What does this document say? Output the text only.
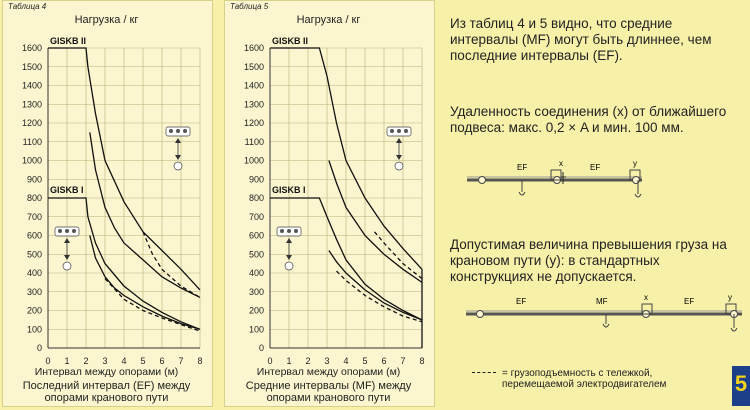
Таблица 4
Нагрузка / кг
0
100
200
300
400
500
600
700
800
900
1000
1100
1200
1300
1400
1500
1600
0 1 2 3 4 5 6 7 8
GISKB II
GISKB I
Интервал между опорами (м)
Последний интервал (EF) между
опорами кранового пути
Таблица 5
Нагрузка / кг
0
100
200
300
400
500
600
700
800
900
1000
1100
1200
1300
1400
1500
1600
0 1 2 3 4 5 6 7 8
GISKB II
GISKB I
Интервал между опорами (м)
Средние интервалы (MF) между
опорами кранового пути
Из таблиц 4 и 5 видно, что средние интервалы (MF) могут быть длиннее, чем последние интервалы (EF).
Удаленность соединения (x) от ближайшего подвеса: макс. 0,2 × A и мин. 100 мм.
EF	EF
x	y
Допустимая величина превышения груза на крановом пути (y): в стандартных конструкциях не допускается.
EF	MF	EF
x	y
= грузоподъемность с тележкой, перемещаемой электродвигателем	5
